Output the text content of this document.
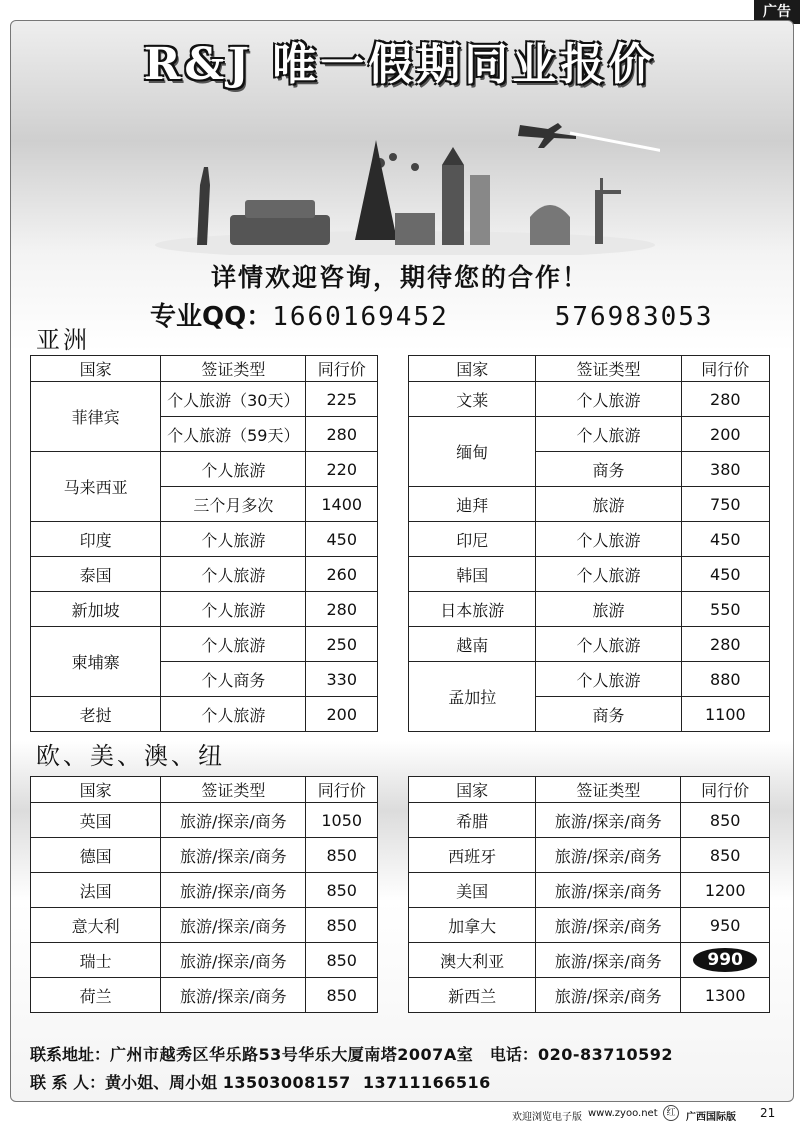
广告
R&J 唯一假期同业报价
详情欢迎咨询，期待您的合作！
专业QQ：1660169452	576983053
亚洲
欧、美、澳、纽
国家	签证类型	同行价
菲律宾	个人旅游（30天）	225
	个人旅游（59天）	280
马来西亚	个人旅游	220
	三个月多次	1400
印度	个人旅游	450
泰国	个人旅游	260
新加坡	个人旅游	280
柬埔寨	个人旅游	250
	个人商务	330
老挝	个人旅游	200
国家	签证类型	同行价
文莱	个人旅游	280
缅甸	个人旅游	200
	商务	380
迪拜	旅游	750
印尼	个人旅游	450
韩国	个人旅游	450
日本旅游	旅游	550
越南	个人旅游	280
孟加拉	个人旅游	880
	商务	1100
国家	签证类型	同行价
英国	旅游/探亲/商务	1050
德国	旅游/探亲/商务	850
法国	旅游/探亲/商务	850
意大利	旅游/探亲/商务	850
瑞士	旅游/探亲/商务	850
荷兰	旅游/探亲/商务	850
国家	签证类型	同行价
希腊	旅游/探亲/商务	850
西班牙	旅游/探亲/商务	850
美国	旅游/探亲/商务	1200
加拿大	旅游/探亲/商务	950
澳大利亚	旅游/探亲/商务	990
新西兰	旅游/探亲/商务	1300
联系地址：广州市越秀区华乐路53号华乐大厦南塔2007A室 电话：020-83710592
联 系 人：黄小姐、周小姐 13503008157  13711166516
欢迎浏览电子版 www.zyoo.net 红	广西国际版 21
